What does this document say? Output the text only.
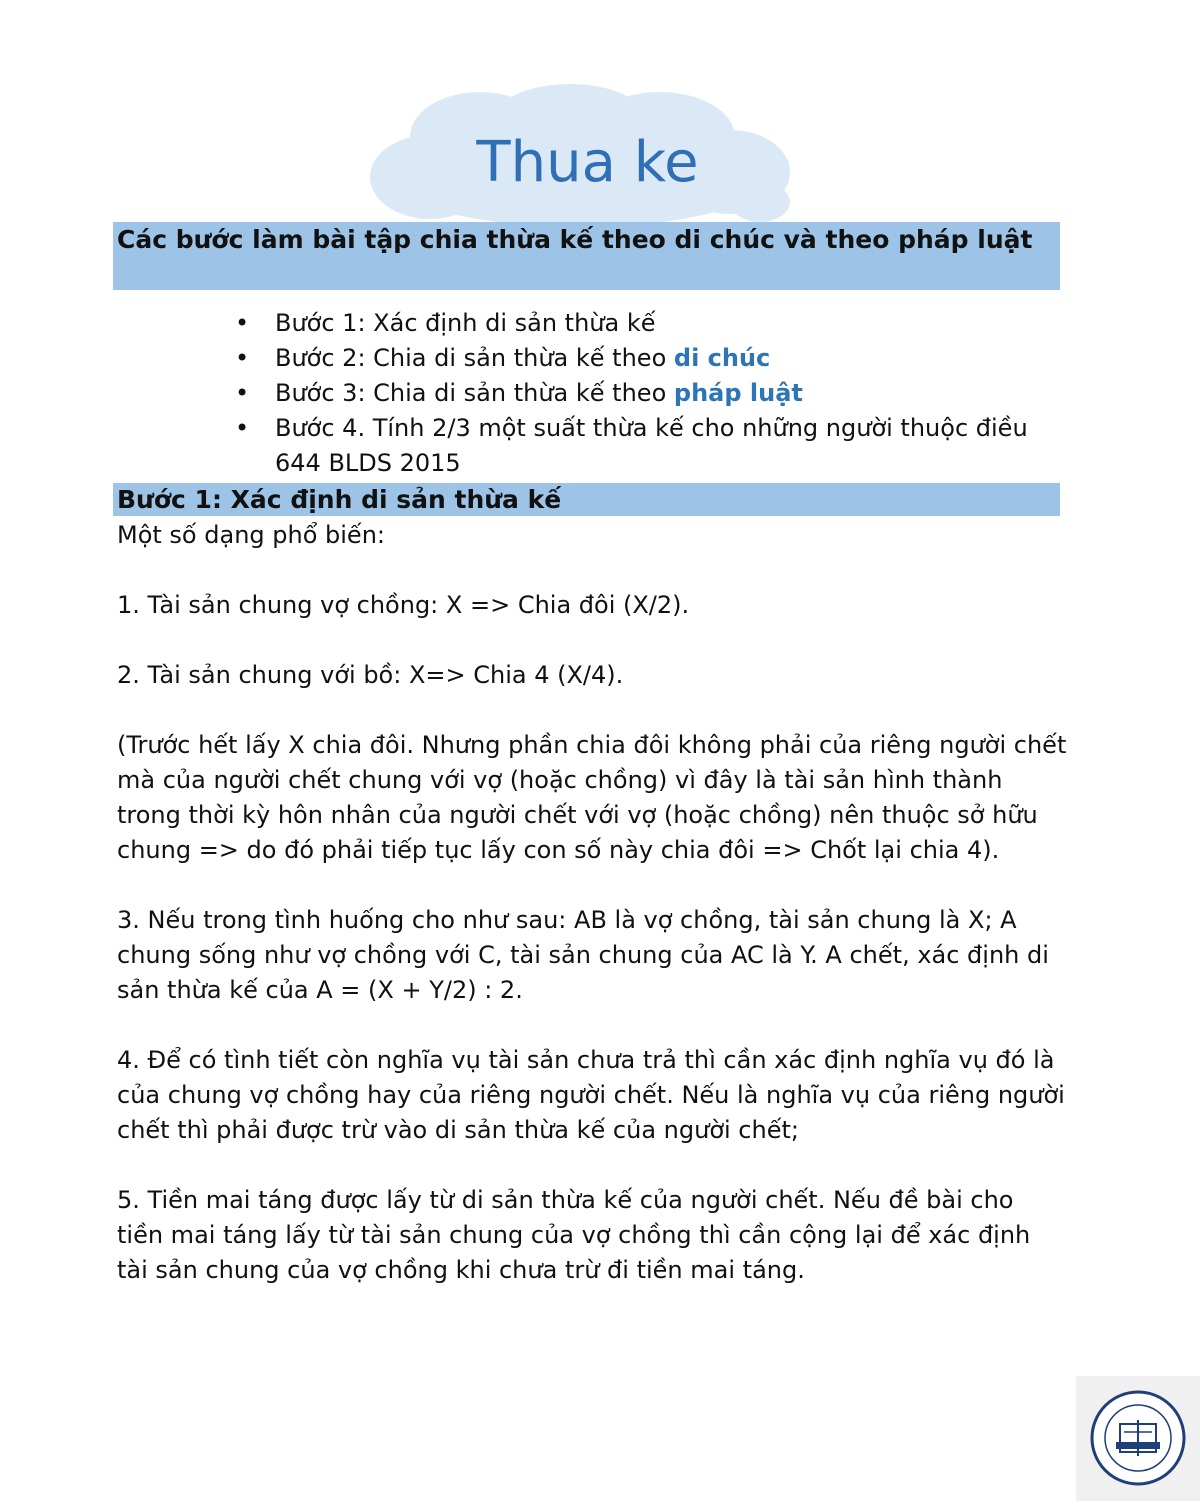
Thua ke
Các bước làm bài tập chia thừa kế theo di chúc và theo pháp luật
• Bước 1: Xác định di sản thừa kế
• Bước 2: Chia di sản thừa kế theo di chúc
• Bước 3: Chia di sản thừa kế theo pháp luật
• Bước 4. Tính 2/3 một suất thừa kế cho những người thuộc điều 644 BLDS 2015
Bước 1: Xác định di sản thừa kế

Một số dạng phổ biến:

1. Tài sản chung vợ chồng: X => Chia đôi (X/2).

2. Tài sản chung với bồ: X=> Chia 4 (X/4).

(Trước hết lấy X chia đôi. Nhưng phần chia đôi không phải của riêng người chết mà của người chết chung với vợ (hoặc chồng) vì đây là tài sản hình thành trong thời kỳ hôn nhân của người chết với vợ (hoặc chồng) nên thuộc sở hữu chung => do đó phải tiếp tục lấy con số này chia đôi => Chốt lại chia 4).

3. Nếu trong tình huống cho như sau: AB là vợ chồng, tài sản chung là X; A chung sống như vợ chồng với C, tài sản chung của AC là Y. A chết, xác định di sản thừa kế của A = (X + Y/2) : 2.

4. Để có tình tiết còn nghĩa vụ tài sản chưa trả thì cần xác định nghĩa vụ đó là của chung vợ chồng hay của riêng người chết. Nếu là nghĩa vụ của riêng người chết thì phải được trừ vào di sản thừa kế của người chết;

5. Tiền mai táng được lấy từ di sản thừa kế của người chết. Nếu đề bài cho tiền mai táng lấy từ tài sản chung của vợ chồng thì cần cộng lại để xác định tài sản chung của vợ chồng khi chưa trừ đi tiền mai táng.
